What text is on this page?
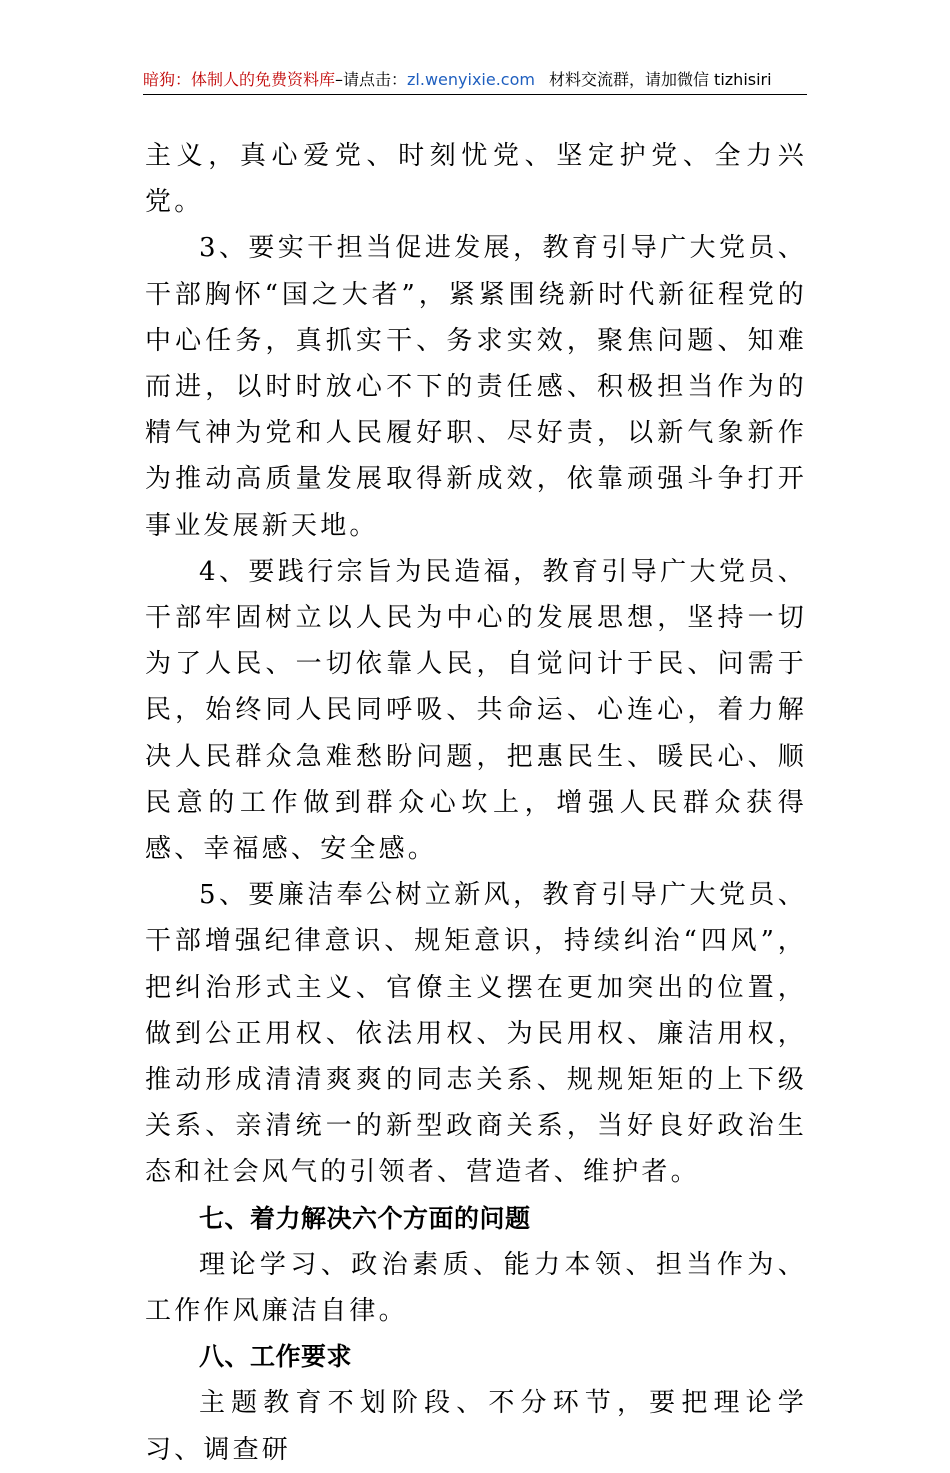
暗狗：体制人的免费资料库–请点击：zl.wenyixie.com 材料交流群，请加微信 tizhisiri

主义，真心爱党、时刻忧党、坚定护党、全力兴党。

3、要实干担当促进发展，教育引导广大党员、干部胸怀“国之大者”，紧紧围绕新时代新征程党的中心任务，真抓实干、务求实效，聚焦问题、知难而进，以时时放心不下的责任感、积极担当作为的精气神为党和人民履好职、尽好责，以新气象新作为推动高质量发展取得新成效，依靠顽强斗争打开事业发展新天地。

4、要践行宗旨为民造福，教育引导广大党员、干部牢固树立以人民为中心的发展思想，坚持一切为了人民、一切依靠人民，自觉问计于民、问需于民，始终同人民同呼吸、共命运、心连心，着力解决人民群众急难愁盼问题，把惠民生、暖民心、顺民意的工作做到群众心坎上，增强人民群众获得感、幸福感、安全感。

5、要廉洁奉公树立新风，教育引导广大党员、干部增强纪律意识、规矩意识，持续纠治“四风”，把纠治形式主义、官僚主义摆在更加突出的位置，做到公正用权、依法用权、为民用权、廉洁用权，推动形成清清爽爽的同志关系、规规矩矩的上下级关系、亲清统一的新型政商关系，当好良好政治生态和社会风气的引领者、营造者、维护者。

七、着力解决六个方面的问题

理论学习、政治素质、能力本领、担当作为、工作作风廉洁自律。

八、工作要求

主题教育不划阶段、不分环节，要把理论学习、调查研
